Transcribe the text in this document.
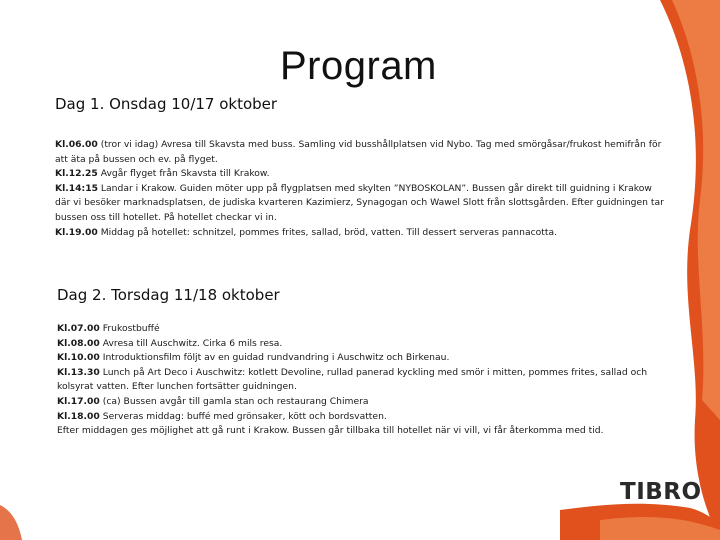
Program
Dag 1. Onsdag 10/17 oktober
Kl.06.00 (tror vi idag) Avresa till Skavsta med buss. Samling vid busshållplatsen vid Nybo. Tag med smörgåsar/frukost hemifrån för att äta på bussen och ev. på flyget.
Kl.12.25 Avgår flyget från Skavsta till Krakow.
Kl.14:15 Landar i Krakow. Guiden möter upp på flygplatsen med skylten ”NYBOSKOLAN”. Bussen går direkt till guidning i Krakow där vi besöker marknadsplatsen, de judiska kvarteren Kazimierz, Synagogan och Wawel Slott från slottsgården. Efter guidningen tar bussen oss till hotellet. På hotellet checkar vi in.
Kl.19.00 Middag på hotellet: schnitzel, pommes frites, sallad, bröd, vatten. Till dessert serveras pannacotta.
Dag 2. Torsdag 11/18 oktober
Kl.07.00 Frukostbuffé
Kl.08.00 Avresa till Auschwitz. Cirka 6 mils resa.
Kl.10.00 Introduktionsfilm följt av en guidad rundvandring i Auschwitz och Birkenau.
Kl.13.30 Lunch på Art Deco i Auschwitz: kotlett Devoline, rullad panerad kyckling med smör i mitten, pommes frites, sallad och kolsyrat vatten. Efter lunchen fortsätter guidningen.
Kl.17.00 (ca) Bussen avgår till gamla stan och restaurang Chimera
Kl.18.00 Serveras middag: buffé med grönsaker, kött och bordsvatten.
Efter middagen ges möjlighet att gå runt i Krakow. Bussen går tillbaka till hotellet när vi vill, vi får återkomma med tid.
TIBRO
